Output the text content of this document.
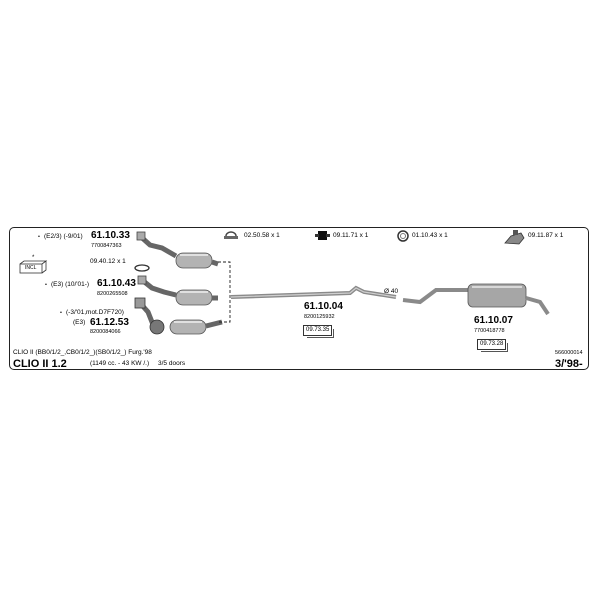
*
INCL
02.50.58 x 1	09.11.71 x 1	01.10.43 x 1	09.11.87 x 1
• (E2/3) (-9/01) 61.10.33
7700847363
09.40.12 x 1
• (E3) (10/'01-) 61.10.43
8200265508
• (-3/'01,mot.D7F720)
(E3) 61.12.53
8200084066
61.10.04
8200125932
09.73.35
Ø 40
61.10.07
7700418778
09.73.28
CLIO II (BB0/1/2_,CB0/1/2_)(SB0/1/2_) Furg.'98
CLIO II 1.2	(1149 cc. - 43 KW /.) 3/5 doors
566000014
3/'98-
